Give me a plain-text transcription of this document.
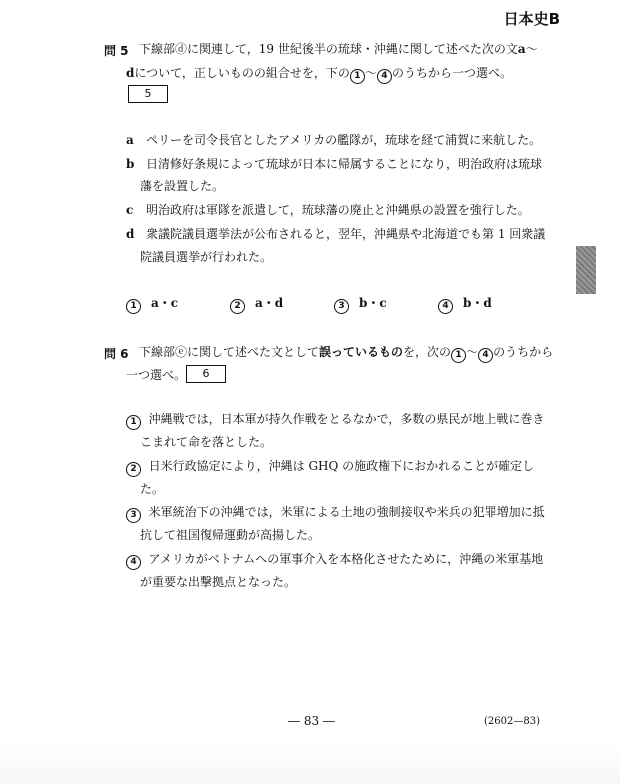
日本史B
問 5 下線部ⓓに関連して，19 世紀後半の琉球・沖縄に関して述べた次の文a〜
dについて，正しいものの組合せを，下の 1 〜 4 のうちから一つ選べ。
5
a ペリーを司令長官としたアメリカの艦隊が，琉球を経て浦賀に来航した。
b 日清修好条規によって琉球が日本に帰属することになり，明治政府は琉球
藩を設置した。
c 明治政府は軍隊を派遣して，琉球藩の廃止と沖縄県の設置を強行した。
d 衆議院議員選挙法が公布されると，翌年，沖縄県や北海道でも第 1 回衆議
院議員選挙が行われた。
1 a・c	2 a・d	3 b・c	4 b・d
問 6 下線部ⓔに関して述べた文として誤っているものを，次の 1 〜 4 のうちから
一つ選べ。	6
1 沖縄戦では，日本軍が持久作戦をとるなかで，多数の県民が地上戦に巻き
こまれて命を落とした。
2 日米行政協定により，沖縄は GHQ の施政権下におかれることが確定し
た。
3 米軍統治下の沖縄では，米軍による土地の強制接収や米兵の犯罪増加に抵
抗して祖国復帰運動が高揚した。
4 アメリカがベトナムへの軍事介入を本格化させたために，沖縄の米軍基地
が重要な出撃拠点となった。
― 83 ―	(2602—83)
